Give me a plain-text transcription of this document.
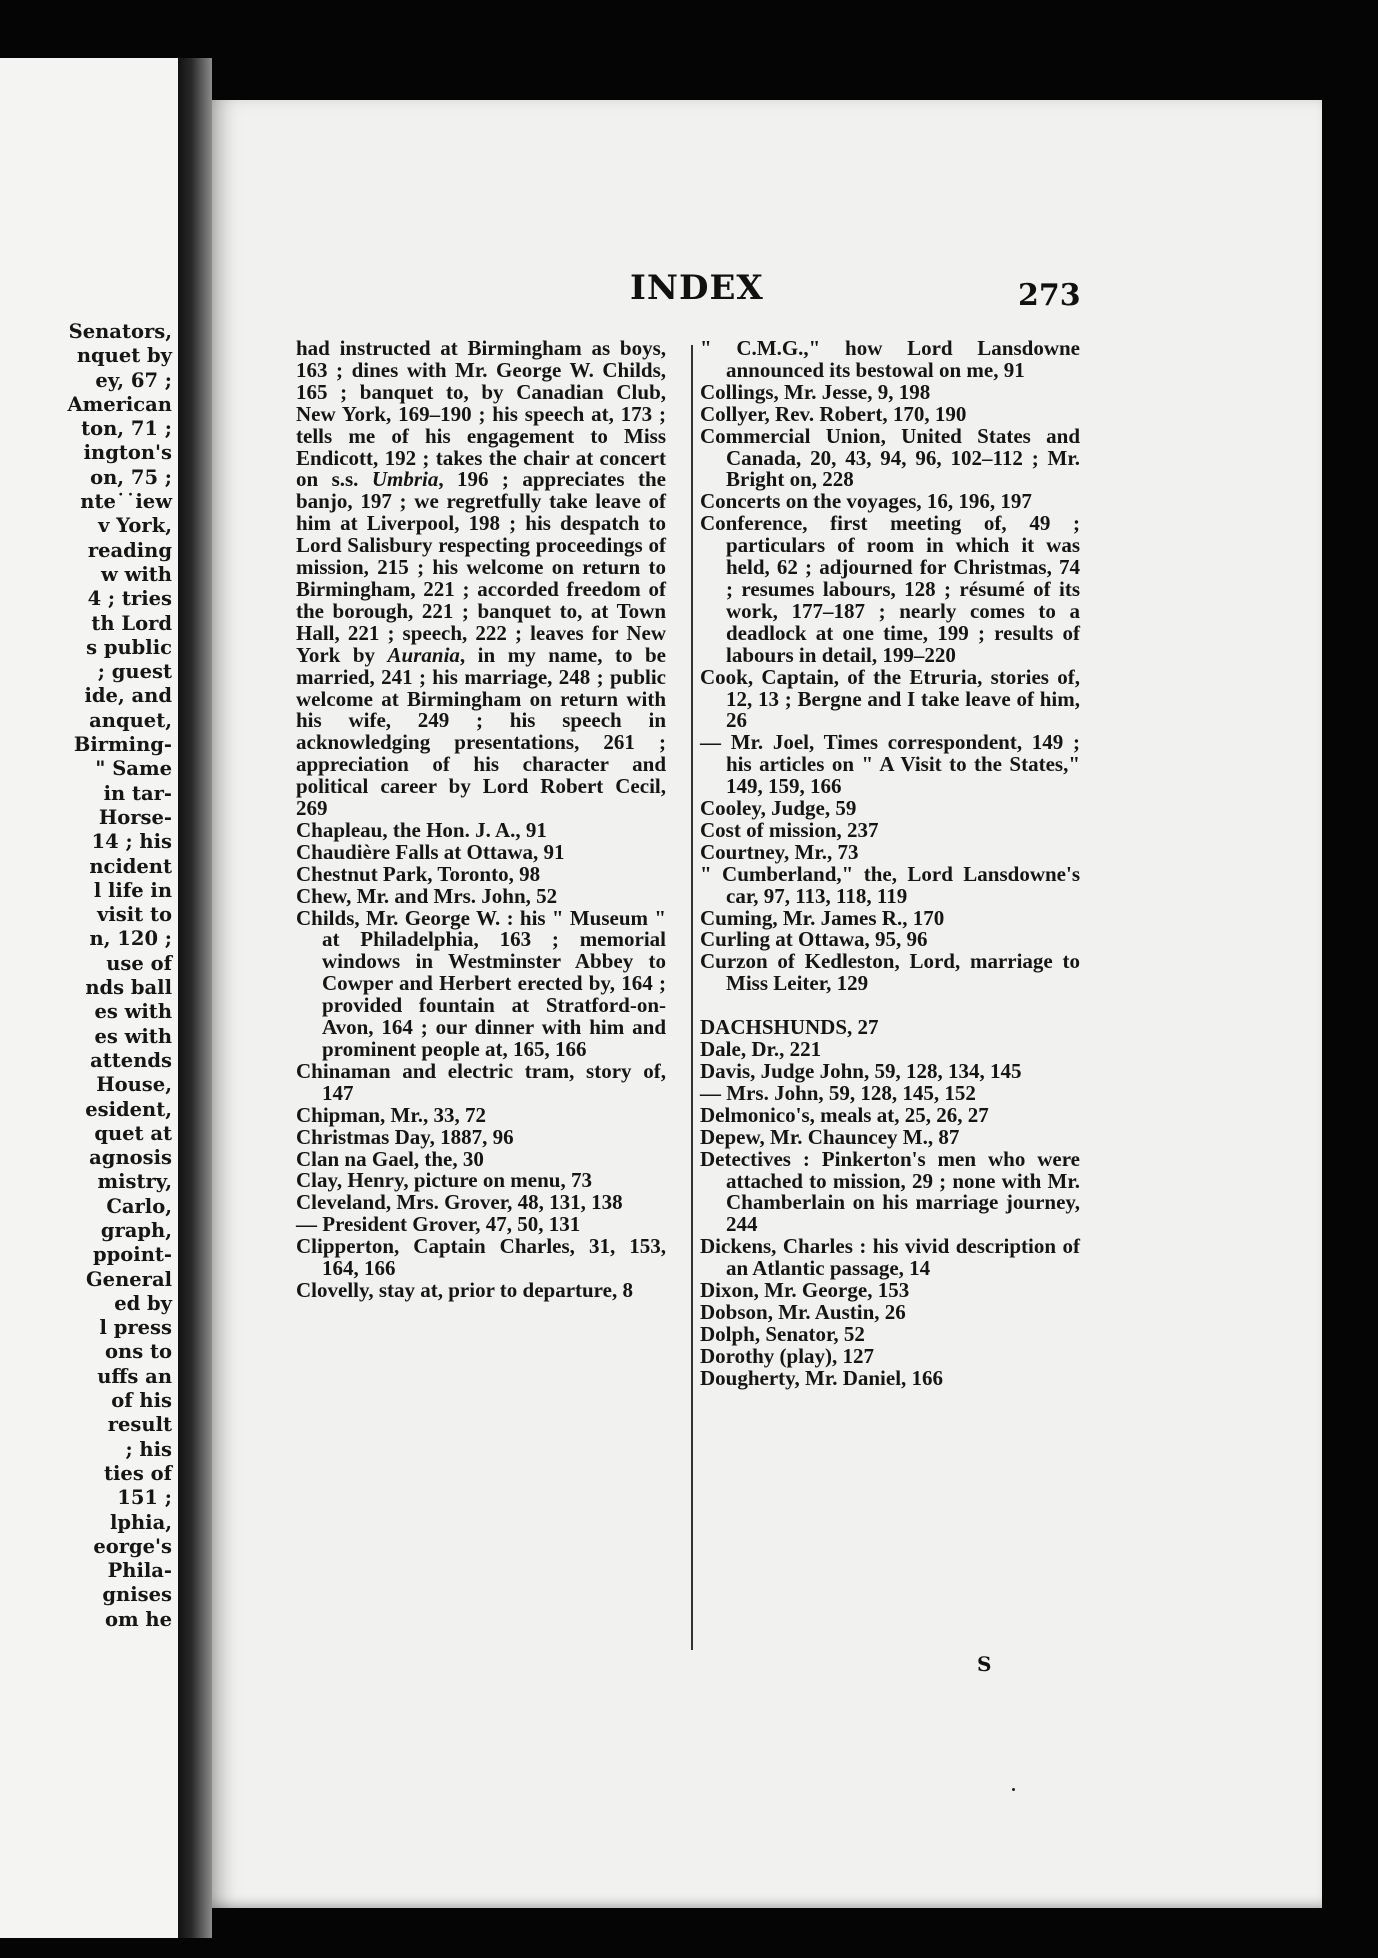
Senators,
nquet by
ey, 67 ;
American
ton, 71 ;
ington's
on, 75 ;
nte˙˙iew
v York,
reading
w with
4 ; tries
th Lord
s public
; guest
ide, and
anquet,
Birming-
" Same
in tar-
Horse-
14 ; his
ncident
l life in
visit to
n, 120 ;
use of
nds ball
es with
es with
attends
House,
esident,
quet at
agnosis
mistry,
Carlo,
graph,
ppoint-
General
ed by
l press
ons to
uffs an
of his
result
; his
ties of
151 ;
lphia,
eorge's
Phila-
gnises
om he
INDEX	273
had instructed at Birmingham as boys, 163 ; dines with Mr. George W. Childs, 165 ; banquet to, by Canadian Club, New York, 169–190 ; his speech at, 173 ; tells me of his engagement to Miss Endicott, 192 ; takes the chair at concert on s.s. Umbria, 196 ; appreciates the banjo, 197 ; we regretfully take leave of him at Liverpool, 198 ; his despatch to Lord Salisbury respecting proceedings of mission, 215 ; his welcome on return to Birmingham, 221 ; accorded freedom of the borough, 221 ; banquet to, at Town Hall, 221 ; speech, 222 ; leaves for New York by Aurania, in my name, to be married, 241 ; his marriage, 248 ; public welcome at Birmingham on return with his wife, 249 ; his speech in acknowledging presentations, 261 ; appreciation of his character and political career by Lord Robert Cecil, 269
Chapleau, the Hon. J. A., 91
Chaudière Falls at Ottawa, 91
Chestnut Park, Toronto, 98
Chew, Mr. and Mrs. John, 52
Childs, Mr. George W. : his " Museum " at Philadelphia, 163 ; memorial windows in Westminster Abbey to Cowper and Herbert erected by, 164 ; provided fountain at Stratford-on-Avon, 164 ; our dinner with him and prominent people at, 165, 166
Chinaman and electric tram, story of, 147
Chipman, Mr., 33, 72
Christmas Day, 1887, 96
Clan na Gael, the, 30
Clay, Henry, picture on menu, 73
Cleveland, Mrs. Grover, 48, 131, 138
— President Grover, 47, 50, 131
Clipperton, Captain Charles, 31, 153, 164, 166
Clovelly, stay at, prior to departure, 8
" C.M.G.," how Lord Lansdowne announced its bestowal on me, 91
Collings, Mr. Jesse, 9, 198
Collyer, Rev. Robert, 170, 190
Commercial Union, United States and Canada, 20, 43, 94, 96, 102–112 ; Mr. Bright on, 228
Concerts on the voyages, 16, 196, 197
Conference, first meeting of, 49 ; particulars of room in which it was held, 62 ; adjourned for Christmas, 74 ; resumes labours, 128 ; résumé of its work, 177–187 ; nearly comes to a deadlock at one time, 199 ; results of labours in detail, 199–220
Cook, Captain, of the Etruria, stories of, 12, 13 ; Bergne and I take leave of him, 26
— Mr. Joel, Times correspondent, 149 ; his articles on " A Visit to the States," 149, 159, 166
Cooley, Judge, 59
Cost of mission, 237
Courtney, Mr., 73
" Cumberland," the, Lord Lansdowne's car, 97, 113, 118, 119
Cuming, Mr. James R., 170
Curling at Ottawa, 95, 96
Curzon of Kedleston, Lord, marriage to Miss Leiter, 129
DACHSHUNDS, 27
Dale, Dr., 221
Davis, Judge John, 59, 128, 134, 145
— Mrs. John, 59, 128, 145, 152
Delmonico's, meals at, 25, 26, 27
Depew, Mr. Chauncey M., 87
Detectives : Pinkerton's men who were attached to mission, 29 ; none with Mr. Chamberlain on his marriage journey, 244
Dickens, Charles : his vivid description of an Atlantic passage, 14
Dixon, Mr. George, 153
Dobson, Mr. Austin, 26
Dolph, Senator, 52
Dorothy (play), 127
Dougherty, Mr. Daniel, 166
S
